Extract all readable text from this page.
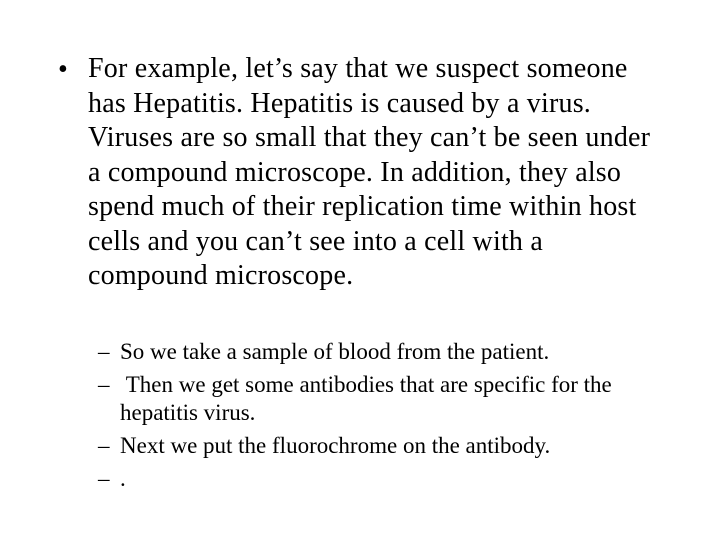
• For example, let’s say that we suspect someone has Hepatitis. Hepatitis is caused by a virus. Viruses are so small that they can’t be seen under a compound microscope. In addition, they also spend much of their replication time within host cells and you can’t see into a cell with a compound microscope.
– So we take a sample of blood from the patient.
– Then we get some antibodies that are specific for the hepatitis virus.
– Next we put the fluorochrome on the antibody.
– .
